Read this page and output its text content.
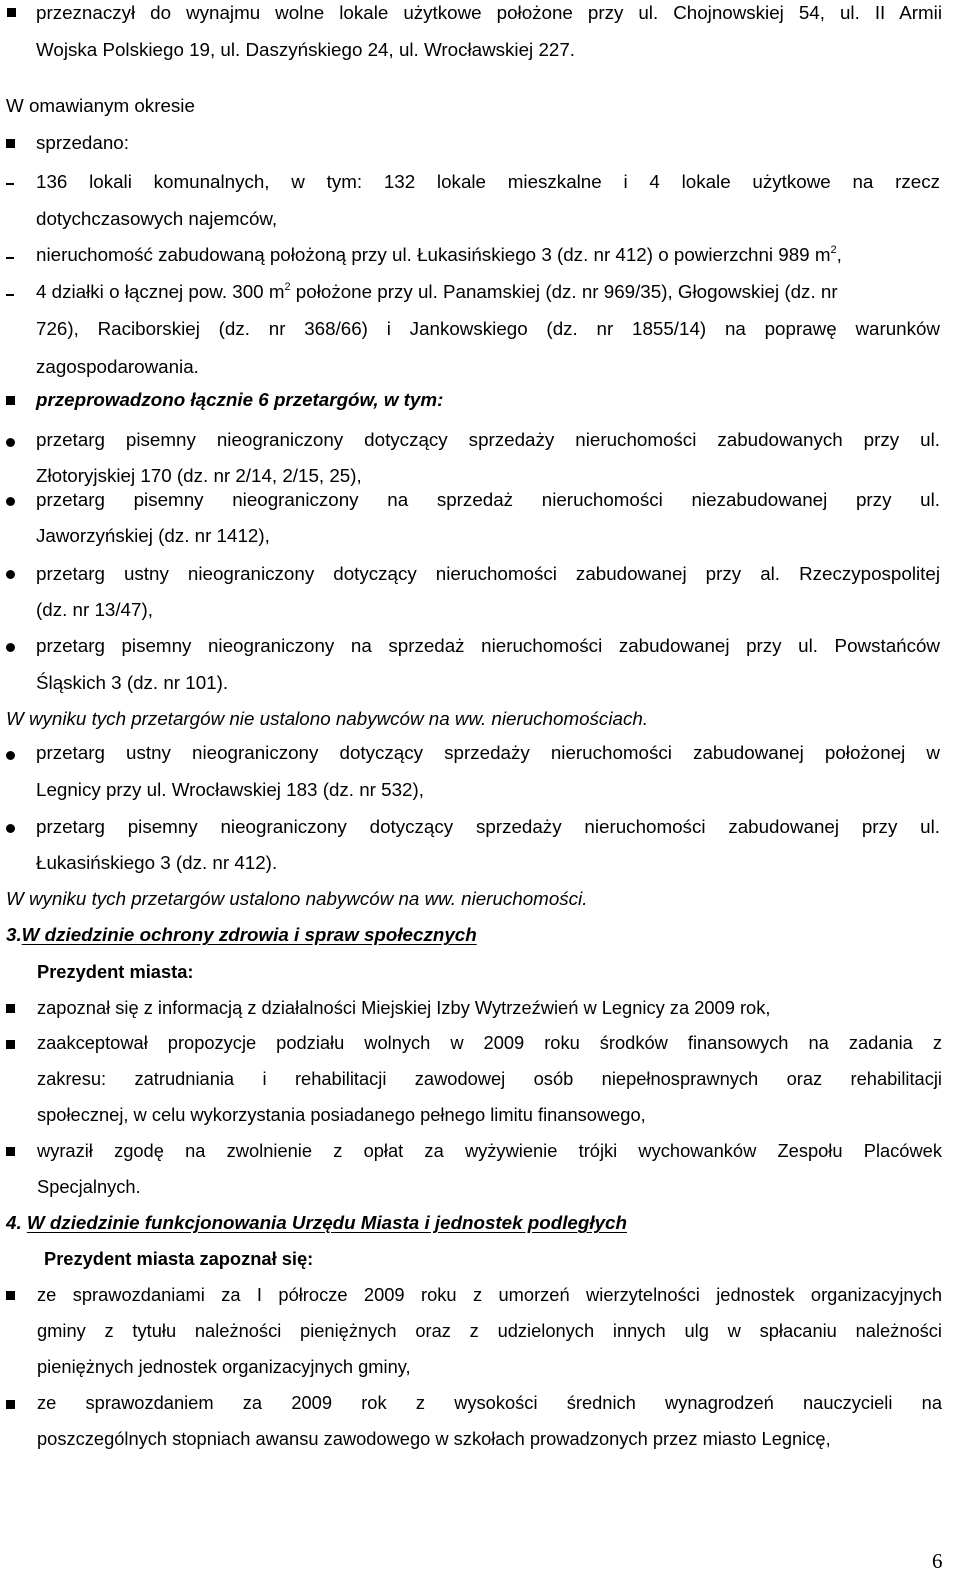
przeznaczył do wynajmu wolne lokale użytkowe położone przy ul. Chojnowskiej 54, ul. II Armii
Wojska Polskiego 19, ul. Daszyńskiego 24, ul. Wrocławskiej 227.
W omawianym okresie
sprzedano:
136 lokali komunalnych, w tym: 132 lokale mieszkalne i 4 lokale użytkowe na rzecz
dotychczasowych najemców,
nieruchomość zabudowaną położoną przy ul. Łukasińskiego 3 (dz. nr 412) o powierzchni 989 $m^2$,
4 działki o łącznej pow. 300 $m^2$ położone przy ul. Panamskiej (dz. nr 969/35), Głogowskiej (dz. nr
726), Raciborskiej (dz. nr 368/66) i Jankowskiego (dz. nr 1855/14) na poprawę warunków
zagospodarowania.
przeprowadzono łącznie 6 przetargów, w tym:
przetarg pisemny nieograniczony dotyczący sprzedaży nieruchomości zabudowanych przy ul.
Złotoryjskiej 170 (dz. nr 2/14, 2/15, 25),
przetarg pisemny nieograniczony na sprzedaż nieruchomości niezabudowanej przy ul.
Jaworzyńskiej (dz. nr 1412),
przetarg ustny nieograniczony dotyczący nieruchomości zabudowanej przy al. Rzeczypospolitej
(dz. nr 13/47),
przetarg pisemny nieograniczony na sprzedaż nieruchomości zabudowanej przy ul. Powstańców
Śląskich 3 (dz. nr 101).
W wyniku tych przetargów nie ustalono nabywców na ww. nieruchomościach.
przetarg ustny nieograniczony dotyczący sprzedaży nieruchomości zabudowanej położonej w
Legnicy przy ul. Wrocławskiej 183 (dz. nr 532),
przetarg pisemny nieograniczony dotyczący sprzedaży nieruchomości zabudowanej przy ul.
Łukasińskiego 3 (dz. nr 412).
W wyniku tych przetargów ustalono nabywców na ww. nieruchomości.
3.W dziedzinie ochrony zdrowia i spraw społecznych
Prezydent miasta:
zapoznał się z informacją z działalności Miejskiej Izby Wytrzeźwień w Legnicy za 2009 rok,
zaakceptował propozycje podziału wolnych w 2009 roku środków finansowych na zadania z
zakresu: zatrudniania i rehabilitacji zawodowej osób niepełnosprawnych oraz rehabilitacji
społecznej, w celu wykorzystania posiadanego pełnego limitu finansowego,
wyraził zgodę na zwolnienie z opłat za wyżywienie trójki wychowanków Zespołu Placówek
Specjalnych.
4. W dziedzinie funkcjonowania Urzędu Miasta i jednostek podległych
Prezydent miasta zapoznał się:
ze sprawozdaniami za I półrocze 2009 roku z umorzeń wierzytelności jednostek organizacyjnych
gminy z tytułu należności pieniężnych oraz z udzielonych innych ulg w spłacaniu należności
pieniężnych jednostek organizacyjnych gminy,
ze sprawozdaniem za 2009 rok z wysokości średnich wynagrodzeń nauczycieli na
poszczególnych stopniach awansu zawodowego w szkołach prowadzonych przez miasto Legnicę,
6
